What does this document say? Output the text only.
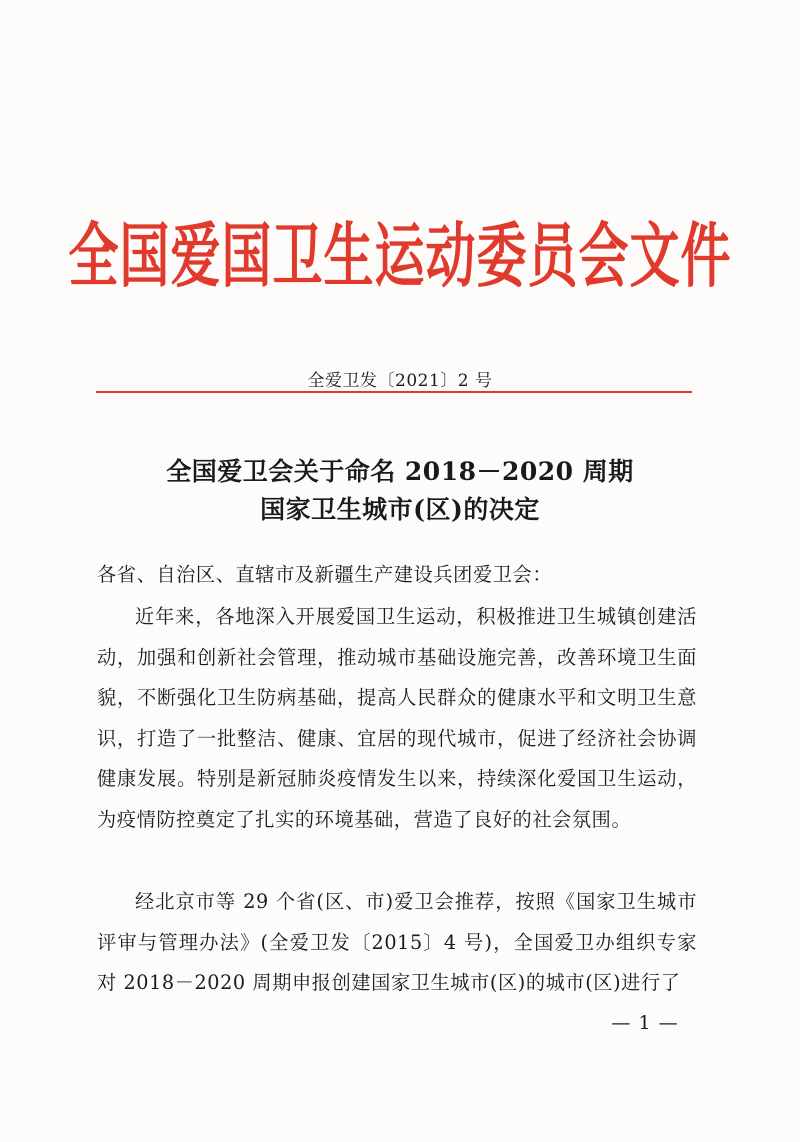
全国爱国卫生运动委员会文件
全爱卫发〔2021〕2 号
全国爱卫会关于命名 2018－2020 周期
国家卫生城市(区)的决定
各省、自治区、直辖市及新疆生产建设兵团爱卫会：
近年来，各地深入开展爱国卫生运动，积极推进卫生城镇创建活动，加强和创新社会管理，推动城市基础设施完善，改善环境卫生面貌，不断强化卫生防病基础，提高人民群众的健康水平和文明卫生意识，打造了一批整洁、健康、宜居的现代城市，促进了经济社会协调健康发展。特别是新冠肺炎疫情发生以来，持续深化爱国卫生运动，为疫情防控奠定了扎实的环境基础，营造了良好的社会氛围。
经北京市等 29 个省(区、市)爱卫会推荐，按照《国家卫生城市评审与管理办法》(全爱卫发〔2015〕4 号)，全国爱卫办组织专家对 2018－2020 周期申报创建国家卫生城市(区)的城市(区)进行了
— 1 —
